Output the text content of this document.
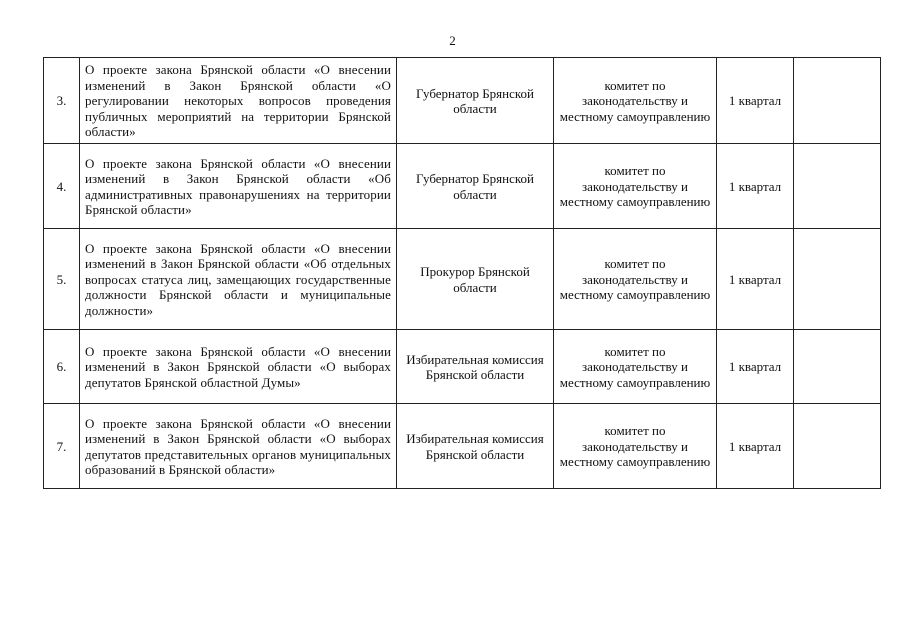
2
3.	О проекте закона Брянской области «О внесении изменений в Закон Брянской области «О регулировании некоторых вопросов проведения публичных мероприятий на территории Брянской области»	Губернатор Брянской области	комитет по законодательству и местному самоуправлению	1 квартал	
4.	О проекте закона Брянской области «О внесении изменений в Закон Брянской области «Об административных правонарушениях на территории Брянской области»	Губернатор Брянской области	комитет по законодательству и местному самоуправлению	1 квартал	
5.	О проекте закона Брянской области «О внесении изменений в Закон Брянской области «Об отдельных вопросах статуса лиц, замещающих государственные должности Брянской области и муниципальные должности»	Прокурор Брянской области	комитет по законодательству и местному самоуправлению	1 квартал	
6.	О проекте закона Брянской области «О внесении изменений в Закон Брянской области «О выборах депутатов Брянской областной Думы»	Избирательная комиссия Брянской области	комитет по законодательству и местному самоуправлению	1 квартал	
7.	О проекте закона Брянской области «О внесении изменений в Закон Брянской области «О выборах депутатов представительных органов муниципальных образований в Брянской области»	Избирательная комиссия Брянской области	комитет по законодательству и местному самоуправлению	1 квартал	
